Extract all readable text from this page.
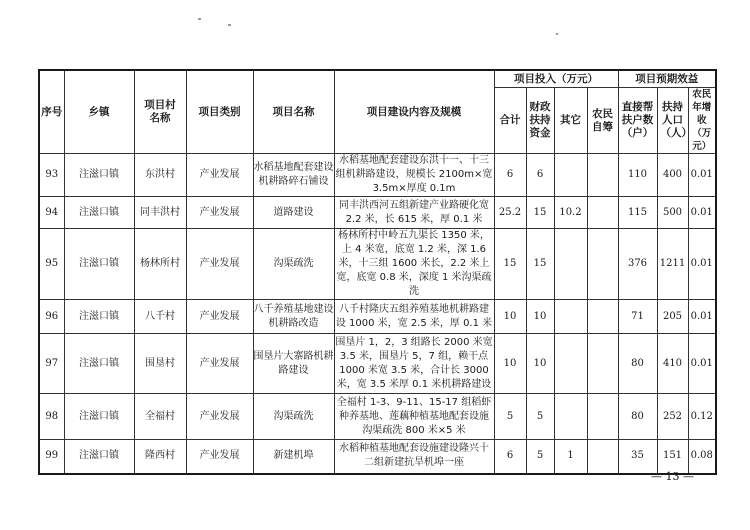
序号	乡镇	项目村名称	项目类别	项目名称	项目建设内容及规模	项目投入（万元）				项目预期效益		
						合计	财政扶持资金	其它	农民自筹	直接帮扶户数（户）	扶持人口（人）	农民年增收（万元）

93	注滋口镇	东洪村	产业发展	水稻基地配套建设机耕路碎石铺设	水稻基地配套建设东洪十一、十三组机耕路建设，规模长 2100m×宽 3.5m×厚度 0.1m	6	6			110	400	0.01
94	注滋口镇	同丰洪村	产业发展	道路建设	同丰洪西河五组新建产业路硬化宽 2.2 米，长 615 米，厚 0.1 米	25.2	15	10.2		115	500	0.01
95	注滋口镇	杨林所村	产业发展	沟渠疏洗	杨林所村中岭五九渠长 1350 米，上 4 米宽，底宽 1.2 米，深 1.6 米，十三组 1600 米长，2.2 米上宽，底宽 0.8 米，深度 1 米沟渠疏洗	15	15			376	1211	0.01
96	注滋口镇	八千村	产业发展	八千养殖基地建设机耕路改造	八千村隆庆五组养殖基地机耕路建设 1000 米，宽 2.5 米，厚 0.1 米	10	10			71	205	0.01
97	注滋口镇	围垦村	产业发展	围垦片大寨路机耕路建设	围垦片 1，2，3 组路长 2000 米宽 3.5 米，围垦片 5，7 组，赖干点 1000 米宽 3.5 米，合计长 3000 米，宽 3.5 米厚 0.1 米机耕路建设	10	10			80	410	0.01
98	注滋口镇	全福村	产业发展	沟渠疏洗	全福村 1-3、9-11、15-17 组稻虾种养基地、莲藕种植基地配套设施沟渠疏洗 800 米×5 米	5	5			80	252	0.12
99	注滋口镇	隆西村	产业发展	新建机埠	水稻种植基地配套设施建设隆兴十二组新建抗旱机埠一座	6	5	1		35	151	0.08
— 13 —
